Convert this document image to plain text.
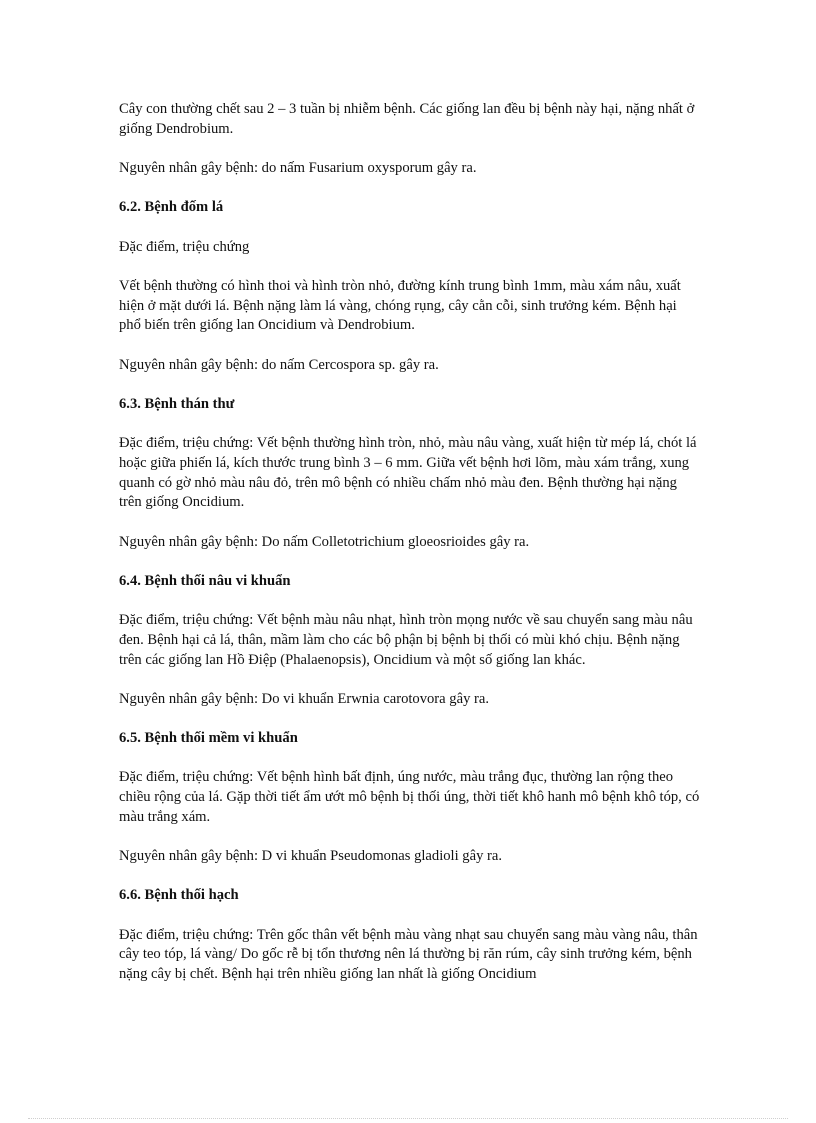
Cây con thường chết sau 2 – 3 tuần bị nhiễm bệnh. Các giống lan đều bị bệnh này hại, nặng nhất ở giống Dendrobium.

Nguyên nhân gây bệnh: do nấm Fusarium oxysporum gây ra.

6.2. Bệnh đốm lá

Đặc điểm, triệu chứng

Vết bệnh thường có hình thoi và hình tròn nhỏ, đường kính trung bình 1mm, màu xám nâu, xuất hiện ở mặt dưới lá. Bệnh nặng làm lá vàng, chóng rụng, cây cằn cỗi, sinh trưởng kém. Bệnh hại phổ biến trên giống lan Oncidium và Dendrobium.

Nguyên nhân gây bệnh: do nấm Cercospora sp. gây ra.

6.3. Bệnh thán thư

Đặc điểm, triệu chứng: Vết bệnh thường hình tròn, nhỏ, màu nâu vàng, xuất hiện từ mép lá, chót lá hoặc giữa phiến lá, kích thước trung bình 3 – 6 mm. Giữa vết bệnh hơi lõm, màu xám trắng, xung quanh có gờ nhỏ màu nâu đỏ, trên mô bệnh có nhiều chấm nhỏ màu đen. Bệnh thường hại nặng trên giống Oncidium.

Nguyên nhân gây bệnh: Do nấm Colletotrichium gloeosrioides gây ra.

6.4. Bệnh thối nâu vi khuẩn

Đặc điểm, triệu chứng: Vết bệnh màu nâu nhạt, hình tròn mọng nước về sau chuyển sang màu nâu đen. Bệnh hại cả lá, thân, mầm làm cho các bộ phận bị bệnh bị thối có mùi khó chịu. Bệnh nặng trên các giống lan Hồ Điệp (Phalaenopsis), Oncidium và một số giống lan khác.

Nguyên nhân gây bệnh: Do vi khuẩn Erwnia carotovora gây ra.

6.5. Bệnh thối mềm vi khuẩn

Đặc điểm, triệu chứng: Vết bệnh hình bất định, úng nước, màu trắng đục, thường lan rộng theo chiều rộng của lá. Gặp thời tiết ẩm ướt mô bệnh bị thối úng, thời tiết khô hanh mô bệnh khô tóp, có màu trắng xám.

Nguyên nhân gây bệnh: D vi khuẩn Pseudomonas gladioli gây ra.

6.6. Bệnh thối hạch

Đặc điểm, triệu chứng: Trên gốc thân vết bệnh màu vàng nhạt sau chuyển sang màu vàng nâu, thân cây teo tóp, lá vàng/ Do gốc rễ bị tổn thương nên lá thường bị răn rúm, cây sinh trưởng kém, bệnh nặng cây bị chết. Bệnh hại trên nhiều giống lan nhất là giống Oncidium
